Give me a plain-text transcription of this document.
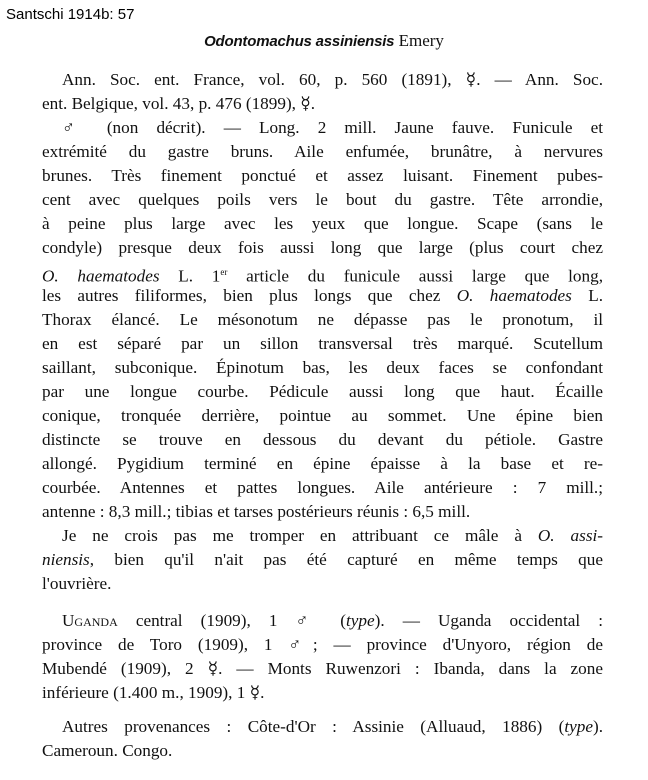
Santschi 1914b: 57
Odontomachus assiniensis Emery
Ann. Soc. ent. France, vol. 60, p. 560 (1891), ☿. — Ann. Soc.
ent. Belgique, vol. 43, p. 476 (1899), ☿.
♂ (non décrit). — Long. 2 mill. Jaune fauve. Funicule et
extrémité du gastre bruns. Aile enfumée, brunâtre, à nervures
brunes. Très finement ponctué et assez luisant. Finement pubes-
cent avec quelques poils vers le bout du gastre. Tête arrondie,
à peine plus large avec les yeux que longue. Scape (sans le
condyle) presque deux fois aussi long que large (plus court chez
O. haematodes L. 1er article du funicule aussi large que long,
les autres filiformes, bien plus longs que chez O. haematodes L.
Thorax élancé. Le mésonotum ne dépasse pas le pronotum, il
en est séparé par un sillon transversal très marqué. Scutellum
saillant, subconique. Épinotum bas, les deux faces se confondant
par une longue courbe. Pédicule aussi long que haut. Écaille
conique, tronquée derrière, pointue au sommet. Une épine bien
distincte se trouve en dessous du devant du pétiole. Gastre
allongé. Pygidium terminé en épine épaisse à la base et re-
courbée. Antennes et pattes longues. Aile antérieure : 7 mill.;
antenne : 8,3 mill.; tibias et tarses postérieurs réunis : 6,5 mill.
Je ne crois pas me tromper en attribuant ce mâle à O. assi-
niensis, bien qu'il n'ait pas été capturé en même temps que
l'ouvrière.
Uganda central (1909), 1 ♂ (type). — Uganda occidental :
province de Toro (1909), 1 ♂; — province d'Unyoro, région de
Mubendé (1909), 2 ☿. — Monts Ruwenzori : Ibanda, dans la zone
inférieure (1.400 m., 1909), 1 ☿.
Autres provenances : Côte-d'Or : Assinie (Alluaud, 1886) (type).
Cameroun. Congo.
